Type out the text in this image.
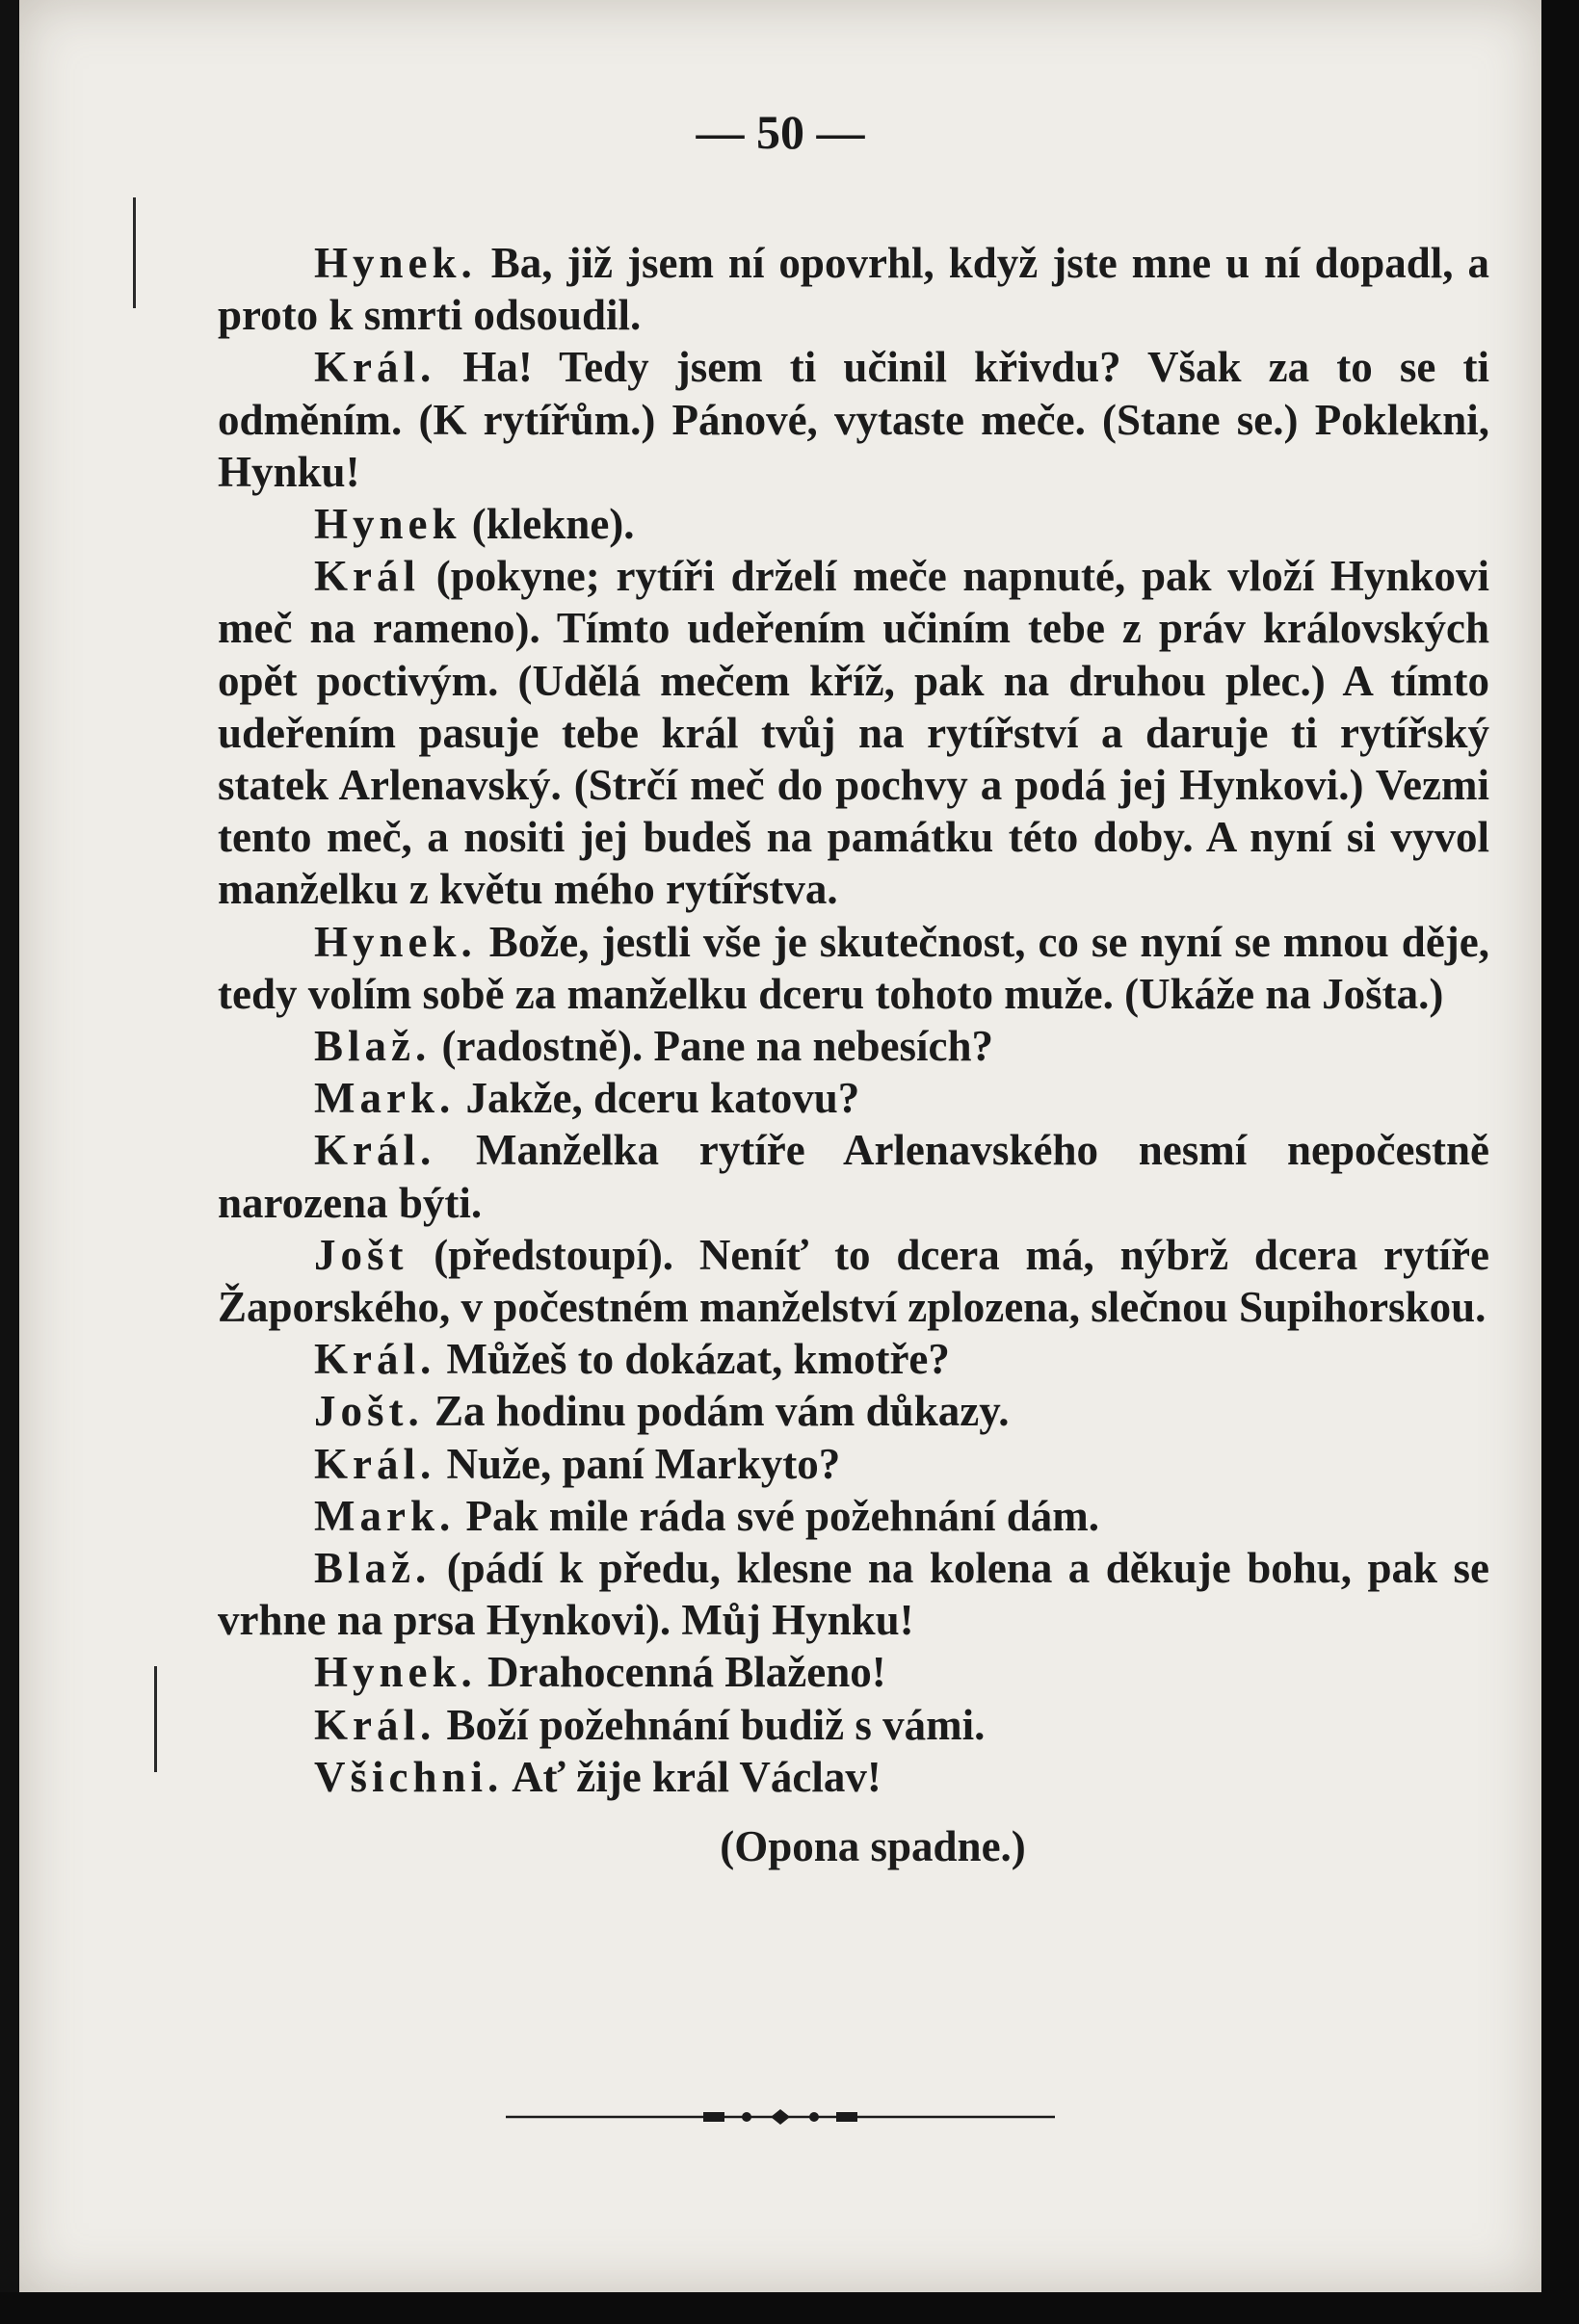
— 50 —

Hynek. Ba, již jsem ní opovrhl, když jste mne u ní dopadl, a proto k smrti odsoudil.

Král. Ha! Tedy jsem ti učinil křivdu? Však za to se ti odměním. (K rytířům.) Pánové, vytaste meče. (Stane se.) Poklekni, Hynku!

Hynek (klekne).

Král (pokyne; rytíři drželí meče napnuté, pak vloží Hynkovi meč na rameno). Tímto udeřením učiním tebe z práv královských opět poctivým. (Udělá mečem kříž, pak na druhou plec.) A tímto udeřením pasuje tebe král tvůj na rytířství a daruje ti rytířský statek Arlenavský. (Strčí meč do pochvy a podá jej Hynkovi.) Vezmi tento meč, a nositi jej budeš na památku této doby. A nyní si vyvol manželku z květu mého rytířstva.

Hynek. Bože, jestli vše je skutečnost, co se nyní se mnou děje, tedy volím sobě za manželku dceru tohoto muže. (Ukáže na Jošta.)

Blaž. (radostně). Pane na nebesích?

Mark. Jakže, dceru katovu?

Král. Manželka rytíře Arlenavského nesmí nepočestně narozena býti.

Jošt (předstoupí). Neníť to dcera má, nýbrž dcera rytíře Žaporského, v počestném manželství zplozena, slečnou Supihorskou.

Král. Můžeš to dokázat, kmotře?

Jošt. Za hodinu podám vám důkazy.

Král. Nuže, paní Markyto?

Mark. Pak mile ráda své požehnání dám.

Blaž. (pádí k předu, klesne na kolena a děkuje bohu, pak se vrhne na prsa Hynkovi). Můj Hynku!

Hynek. Drahocenná Blaženo!

Král. Boží požehnání budiž s vámi.

Všichni. Ať žije král Václav!

(Opona spadne.)
